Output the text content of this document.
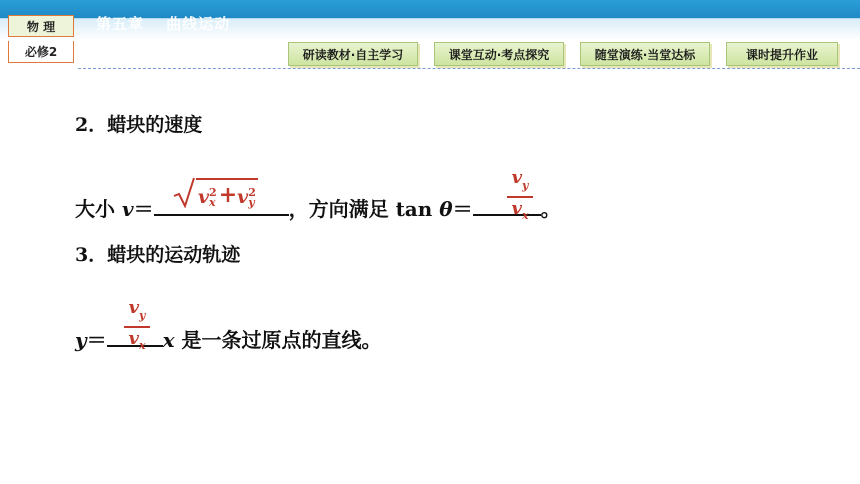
物 理
必修2
第五章　 曲线运动
研读教材·自主学习	课堂互动·考点探究	随堂演练·当堂达标	课时提升作业
2．蜡块的速度
大小 v＝	，方向满足 tan θ＝	。
v 2
x + v 2
y
$v_y$
$v_x$
3．蜡块的运动轨迹
y＝	x 是一条过原点的直线。
$v_y$
$v_x$
